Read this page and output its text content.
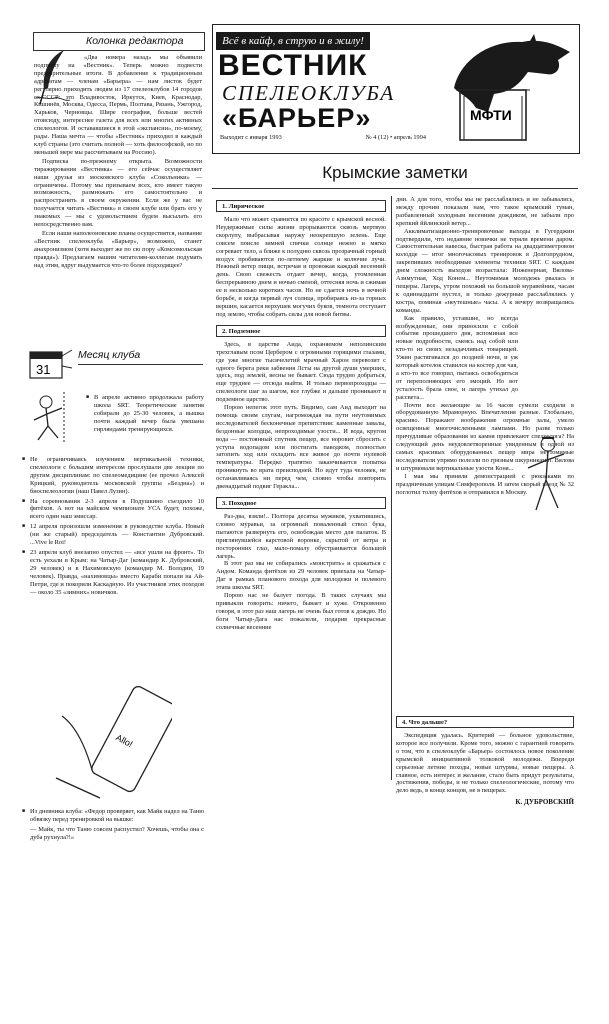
Колонка редактора

«Два номера назад» мы объявили подписку на «Вестник». Теперь можно подвести предварительные итоги. В добавление к традиционным адресатам — членам «Барьера» — нам листок будет регулярно приходить людям из 17 спелеоклубов 14 городов ex-СССР: это Владивосток, Иркутск, Киев, Краснодар, Кишинёв, Москва, Одесса, Пермь, Полтава, Рязань, Ужгород, Харьков, Черновцы. Шире география, больше вестей отовсюду, интереснее газета для всех или многих активных спелеологов. И остававшиеся в этой «экспансии», по-моему, рады. Наша мечта — чтобы «Вестник» приходил в каждый клуб страны (это считать полной — хоть философской, но по меньшей мере мы рассчитываем на Россию).

Подписка по-прежнему открыта. Возможности тиражирования «Вестника» — его сейчас осуществляет наши друзья из московского клуба «Сокольники» — ограничены. Потому мы призываем всех, кто имеет такую возможность, размножать его самостоятельно и распространять в своем окружении. Если же у вас не получается читать «Вестник» в своем клубе или брать его у знакомых — мы с удовольствием будем высылать его непосредственно вам.

Если наши наполеоновские планы осуществятся, название «Вестник спелеоклуба «Барьер», возможно, станет анахронизмом (хотя выходит же по сю пору «Комсомольская правда»). Предлагаем нашим читателям-коллегам подумать над этим, вдруг выдумается что-то более подходящее?

31
Месяц клуба
■ В апреле активно продолжала работу школа SRT. Теоретические занятия собирали до 25-30 человек, а вышка почти каждый вечер была увешана гирляндами тренирующихся.
■ Не ограничиваясь изучением вертикальной техники, спелеологи с большим интересом прослушали две лекции по другим дисциплинам: по спелеомедицине (ее прочел Алексей Крицкий, руководитель московской группы «Бездна») и биоспелеологии (наш Павел Лузин).
■ На соревнования 2-3 апреля в Подушкино съездило 10 фитёхов. А вот на майском чемпионате УСА будет, похоже, всего один наш эмиссар.
■ 12 апреля произошли изменения в руководстве клуба. Новый (ни же старый) председатель — Константин Дубровский. ...Vive le Roi!
■ 23 апреля клуб внезапно опустел — «все ушли на фронт». То есть уехали в Крым: на Чатыр-Даг (командир К. Дубровский, 29 человек) и в Нахимовскую (командир М. Володин, 19 человек). Правда, «нахимовцы» вместо Караби попали на Ай-Петри, где и покорили Каскадную. Из участников этих походов — около 35 «зимних» новичков.
Allo!
■ Из дневника клуба: «Федор проверяет, как Майк надел на Таню обвязку перед тренировкой на вышке:
— Майк, ты что Таню совсем распустил? Хочешь, чтобы она с дуба рухнула?!»
Всё в кайф, в струю и в жилу!
ВЕСТНИК
СПЕЛЕОКЛУБА
«БАРЬЕР»
Выходит с января 1993	№ 4 (12) • апрель 1994
МФТИ
Крымские заметки
1. Лирическое

Мало что может сравнится по красоте с крымской весной. Неудержимые силы жизни прорываются сквозь мертвую скорлупу, выбрасывая наружу неокрепшую зелень. Еще совсем поисле зимней спячки солнце нежно и мягко согревает тело, а ближе к полудню сквозь прозрачный горный воздух пробиваются по-летнему жаркие и колючие лучи. Нежный ветер пищи, встречая и провожая каждый весенний день. Свою свежесть отдает вечер, когда, утомленная беспрерывною днем и ночью сменой, оттесняя ночь и сжимая ее в несколько коротких часов. Но не сдается ночь в вечной борьбе, и когда первый луч солнца, пробираясь из-за горных вершин, касается верхушек могучих буков, темнота отступает под землю, чтобы собрать силы для новой битвы.

2. Подземное

Здесь, в царстве Аида, охраняемом неполинским трехглавым псом Цербером с огромными горящими глазами, где уже многие тысячелетий мрачный Харон перевозит с одного берега реки забвения Лсты на другой души умерших, здесь, под землей, весны не бывает. Сюда трудно добраться, еще труднее — отсюда выйти. И только первопроходцы — спелеологи шаг за шагом, все глубже и дальше проникают в подземное царство.

Порою непегок этот путь. Видимо, сам Аид выходит на помощь своим слугам, нагромождая на пути неутомимых исследователей бесконечные препятствия: каменные завалы, бездонные колодцы, непроходимые узости... И вода, кругом вода — постоянный спутник пещер, все норовит сбросить с уступа водопадом или постигать паводком, полностью затопить ход или охладить все живое до почти нулевой температуры. Передко тратятно заканчивается попытка проникнуть во врата преисподней. Но идут туда человек, не останавливаясь ни перед чем, словно чтобы повторить двенадцатый подвиг Геракла...

3. Походное

Раз-два, взяли!.. Полтора десятка мужиков, ухватившись, словно муравьи, за огромный поваленный ствол бука, пытаются развернуть его, освобождая место для палаток. В приглянувшейся карстовой воронке, скрытой от ветра и посторонних глаз, мало-помалу обустраивается большой лагерь.

В этот раз мы не собирались «монстрить» и сражаться с Аидом. Команда фитёхов из 29 человек приехала на Чатыр-Даг в рамках планового похода для молодежи и полевого этапа школы SRT.

Порою нас не балует погода. В таких случаях мы привыкли говорить: ничего, бывает и хуже. Откровенно говоря, в этот раз наш лагерь не очень был готов к дождю. Но боги Чатыр-Дага нас пожалели, подарив прекрасные солнечные весенние

дни. А для того, чтобы мы не расслаблялись и не забывались, между прочим показали нам, что такое крымский туман, разбавленный холодным весенним дождиком, не забыли про крепкий ййлинский ветер...

Акклиматизационно-тренировочные выходы в Гугерджин подтвердили, что недавние новички не теряли времени даром. Самостоятельная навеска, быстрая работа на двадцатиметровом колодце — итог многочасовых тренировок в Долгопрудном, закрепивших необходимые элементы техники SRT. С каждым днем сложность выходов возрастала: Инженерная, Вялова-Азимутная, Ход Конем... Неутомимая молодежь рвалась в пещеры. Лагерь, утром похожий на большой муравейник, часам к одиннадцати пустел, и только дежурные расслаблялись у костра, поминая «неутешные» часы. А к вечеру возвращались команды.

Как правило, уставшие, но всегда возбужденные, они приносили с собой события прошедшего дня, вспоминая все новые подробности, смеясь над собой или кто-то из своих незадачливых товарищей. Ужин растягивался до поздней ночи, и уж который котелок ставился на костер для чая, а кто-то все говорил, пытаясь освободиться от переполняющих его эмоций. Но вот усталость брала свое, и лагерь утихал до рассвета...

Почти все желающие за 16 часов сумели сходили в оборудованную Мраморную. Впечатления разные. Глобально, красиво. Поражают воображение огромные залы, умело освещенные многочисленными лампами. Но разве только причудливые образования из камня привлекают спелеолога? На следующий день неудовлетворенные увиденным в одной из самых красивых оборудованных пещер мира неутомимые исследователи упрямо полезли по грязным шкурникам п. Вялова и штурмовали вертикальные узости Коня...

1 мая мы приняли демонстрацией с рюкзаками по праздничным улицам Симферополя. И затем скорый поезд № 32 поглотил толпу фитёхов и отправился в Москву.

4. Что дальше?

Экспедиция удалась. Критерий — больное удовольствие, которое все получили. Кроме того, можно с гарантией говорить о том, что в спелеоклубе «Барьер» состоялось новое поколение крымской инициативной толковой молодежи. Впереди серьезные летние походы, новые штурмы, новые пещеры. А главное, есть интерес и желание, стало быть придут результаты, достижения, победы, и не только спелеологические, потому что дело ведь, в конце концов, не в пещерах.

К. ДУБРОВСКИЙ
